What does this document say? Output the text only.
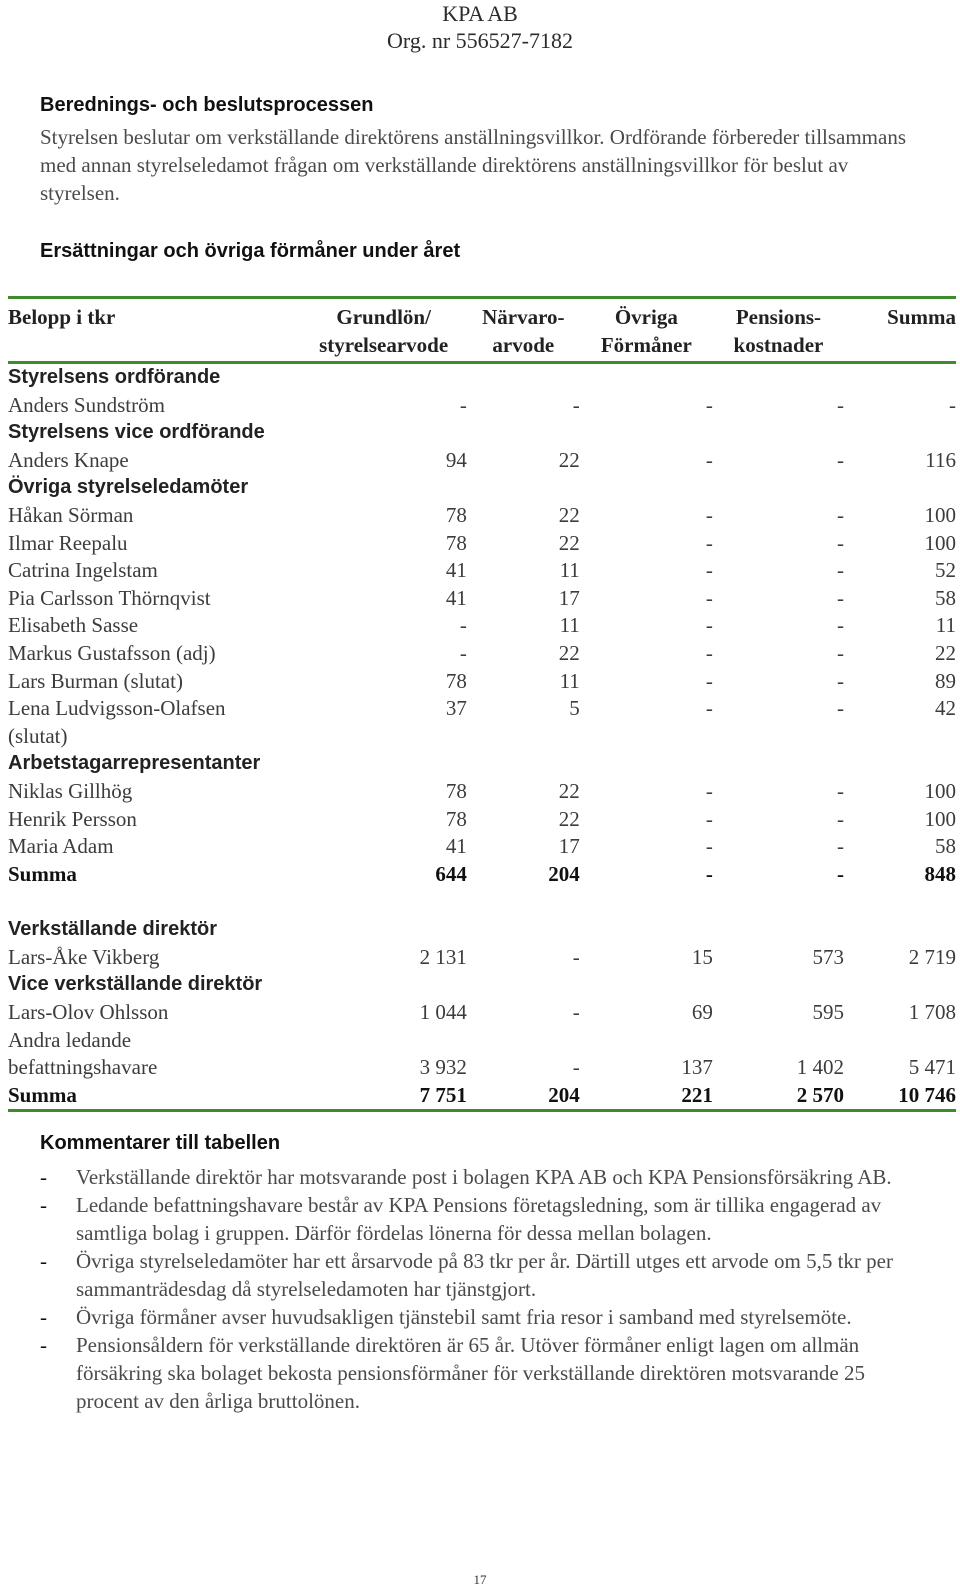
KPA AB
Org. nr 556527-7182

Berednings- och beslutsprocessen

Styrelsen beslutar om verkställande direktörens anställningsvillkor. Ordförande förbereder tillsammans med annan styrelseledamot frågan om verkställande direktörens anställningsvillkor för beslut av styrelsen.

Ersättningar och övriga förmåner under året

Belopp i tkr	Grundlön/ styrelsearvode	Närvaro- arvode	Övriga Förmåner	Pensions- kostnader	Summa
Styrelsens ordförande					
Anders Sundström	-	-	-	-	-
Styrelsens vice ordförande					
Anders Knape	94	22	-	-	116
Övriga styrelseledamöter					
Håkan Sörman	78	22	-	-	100
Ilmar Reepalu	78	22	-	-	100
Catrina Ingelstam	41	11	-	-	52
Pia Carlsson Thörnqvist	41	17	-	-	58
Elisabeth Sasse	-	11	-	-	11
Markus Gustafsson (adj)	-	22	-	-	22
Lars Burman (slutat)	78	11	-	-	89
Lena Ludvigsson-Olafsen	37	5	-	-	42
(slutat)					
Arbetstagarrepresentanter					
Niklas Gillhög	78	22	-	-	100
Henrik Persson	78	22	-	-	100
Maria Adam	41	17	-	-	58
Summa	644	204	-	-	848

Verkställande direktör					
Lars-Åke Vikberg	2 131	-	15	573	2 719
Vice verkställande direktör					
Lars-Olov Ohlsson	1 044	-	69	595	1 708
Andra ledande					
befattningshavare	3 932	-	137	1 402	5 471
Summa	7 751	204	221	2 570	10 746

Kommentarer till tabellen

-	Verkställande direktör har motsvarande post i bolagen KPA AB och KPA Pensionsförsäkring AB.
-	Ledande befattningshavare består av KPA Pensions företagsledning, som är tillika engagerad av samtliga bolag i gruppen. Därför fördelas lönerna för dessa mellan bolagen.
-	Övriga styrelseledamöter har ett årsarvode på 83 tkr per år. Därtill utges ett arvode om 5,5 tkr per sammanträdesdag då styrelseledamoten har tjänstgjort.
-	Övriga förmåner avser huvudsakligen tjänstebil samt fria resor i samband med styrelsemöte.
-	Pensionsåldern för verkställande direktören är 65 år. Utöver förmåner enligt lagen om allmän försäkring ska bolaget bekosta pensionsförmåner för verkställande direktören motsvarande 25 procent av den årliga bruttolönen.
17
